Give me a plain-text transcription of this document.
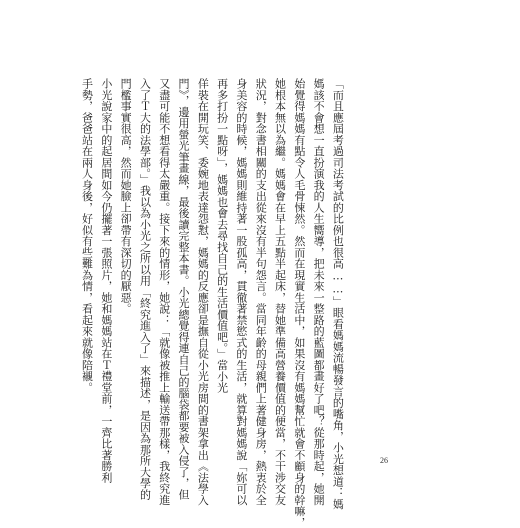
「而且應屆考過司法考試的比例也很高……」眼看媽媽流暢發言的嘴角，小光想道：媽
媽該不會想一直扮演我的人生嚮導，把未來一整路的藍圖都畫好了吧？從那時起，她開
始覺得媽媽有點令人毛骨悚然。然而在現實生活中，如果沒有媽媽幫忙就會不顧身的幹嘛，
她根本無以為繼。媽媽會在早上五點半起床，替她準備高營養價值的便當，不干涉交友
狀況，對念書相關的支出從來沒有半句怨言。當同年齡的母親們上著健身房，熱衷於全
身美容的時候，媽媽則維持著一股孤高，貫徹著禁慾式的生活，就算對媽媽說「妳可以
再多打扮一點呀」，媽媽也會去尋找自己的生活價值吧。」當小光
佯裝在開玩笑、委婉地表達怨懟，媽媽的反應卻是撫自從小光房間的書架拿出《法學入
門》，邊用螢光筆畫線，最後讀完整本書。小光總覺得連自己的腦袋都要被入侵了，但
又盡可能不想看得太嚴重。接下來的情形，她說：「就像被推上輸送帶那樣，我終究進
入了Ｔ大的法學部。」我以為小光之所以用「終究進入了」來描述，是因為那所大學的
門檻事實很高，然而她臉上卻帶有深切的厭惡。
小光說家中的起居間如今仍擺著一張照片，她和媽媽站在Ｔ禮堂前，一齊比著勝利
手勢，爸爸站在兩人身後，好似有些難為情，看起來就像陪襯。

26
